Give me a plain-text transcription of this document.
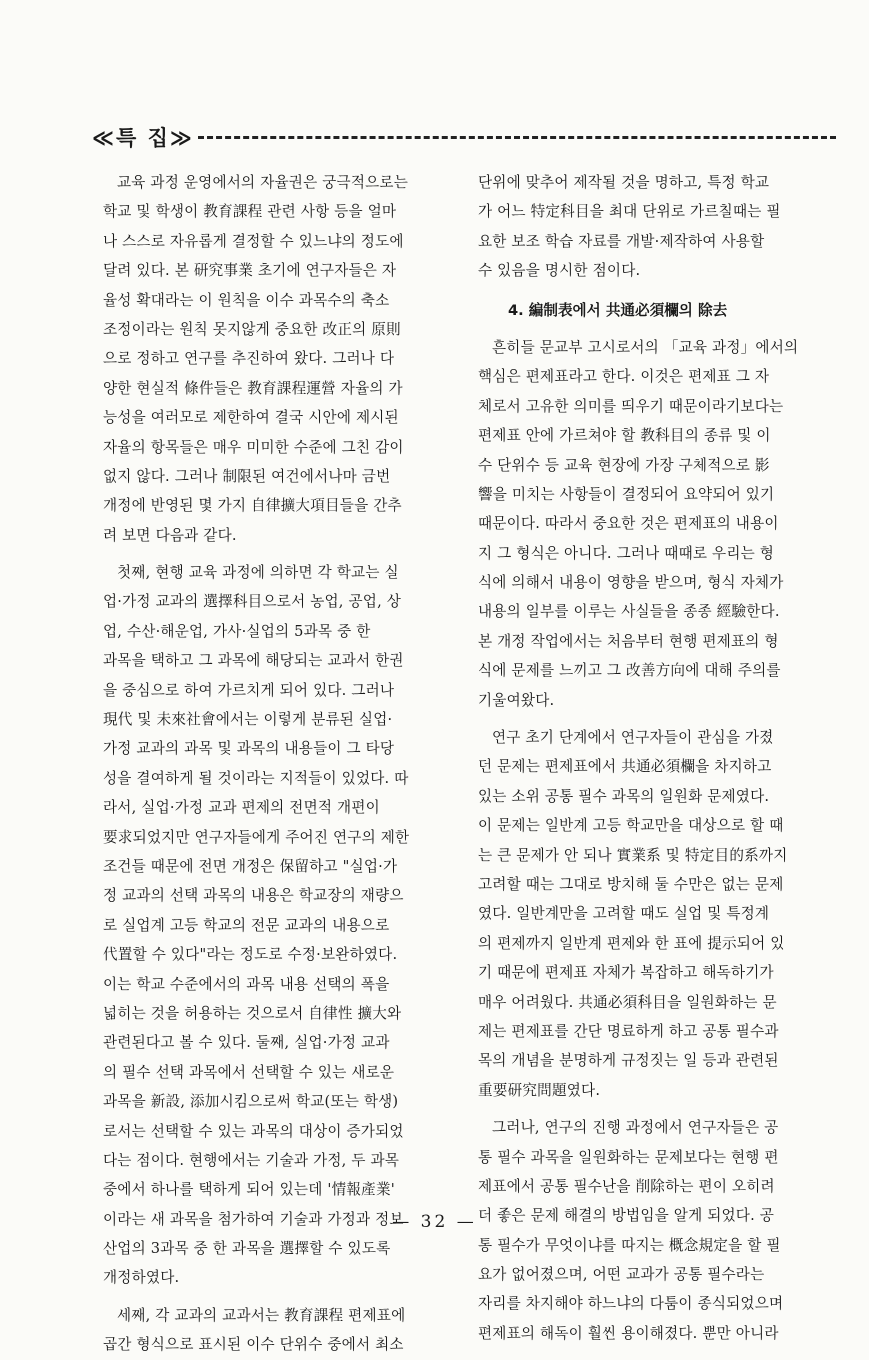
≪특 집≫
교육 과정 운영에서의 자율권은 궁극적으로는
학교 및 학생이 教育課程 관련 사항 등을 얼마
나 스스로 자유롭게 결정할 수 있느냐의 정도에
달려 있다. 본 研究事業 초기에 연구자들은 자
율성 확대라는 이 원칙을 이수 과목수의 축소
조정이라는 원칙 못지않게 중요한 改正의 原則
으로 정하고 연구를 추진하여 왔다. 그러나 다
양한 현실적 條件들은 教育課程運營 자율의 가
능성을 여러모로 제한하여 결국 시안에 제시된
자율의 항목들은 매우 미미한 수준에 그친 감이
없지 않다. 그러나 制限된 여건에서나마 금번
개정에 반영된 몇 가지 自律擴大項目들을 간추
려 보면 다음과 같다.
첫째, 현행 교육 과정에 의하면 각 학교는 실
업·가정 교과의 選擇科目으로서 농업, 공업, 상
업, 수산·해운업, 가사·실업의 5과목 중 한
과목을 택하고 그 과목에 해당되는 교과서 한권
을 중심으로 하여 가르치게 되어 있다. 그러나
現代 및 未來社會에서는 이렇게 분류된 실업·
가정 교과의 과목 및 과목의 내용들이 그 타당
성을 결여하게 될 것이라는 지적들이 있었다. 따
라서, 실업·가정 교과 편제의 전면적 개편이
要求되었지만 연구자들에게 주어진 연구의 제한
조건들 때문에 전면 개정은 保留하고 "실업·가
정 교과의 선택 과목의 내용은 학교장의 재량으
로 실업계 고등 학교의 전문 교과의 내용으로
代置할 수 있다"라는 정도로 수정·보완하였다.
이는 학교 수준에서의 과목 내용 선택의 폭을
넓히는 것을 허용하는 것으로서 自律性 擴大와
관련된다고 볼 수 있다. 둘째, 실업·가정 교과
의 필수 선택 과목에서 선택할 수 있는 새로운
과목을 新設, 添加시킴으로써 학교(또는 학생)
로서는 선택할 수 있는 과목의 대상이 증가되었
다는 점이다. 현행에서는 기술과 가정, 두 과목
중에서 하나를 택하게 되어 있는데 '情報產業'
이라는 새 과목을 첨가하여 기술과 가정과 정보
산업의 3과목 중 한 과목을 選擇할 수 있도록
개정하였다.
세째, 각 교과의 교과서는 教育課程 편제표에
곱간 형식으로 표시된 이수 단위수 중에서 최소
단위에 맞추어 제작될 것을 명하고, 특정 학교
가 어느 特定科目을 최대 단위로 가르칠때는 필
요한 보조 학습 자료를 개발·제작하여 사용할
수 있음을 명시한 점이다.
4. 編制表에서 共通必須欄의 除去
흔히들 문교부 고시로서의 「교육 과정」에서의
핵심은 편제표라고 한다. 이것은 편제표 그 자
체로서 고유한 의미를 띄우기 때문이라기보다는
편제표 안에 가르쳐야 할 教科目의 종류 및 이
수 단위수 등 교육 현장에 가장 구체적으로 影
響을 미치는 사항들이 결정되어 요약되어 있기
때문이다. 따라서 중요한 것은 편제표의 내용이
지 그 형식은 아니다. 그러나 때때로 우리는 형
식에 의해서 내용이 영향을 받으며, 형식 자체가
내용의 일부를 이루는 사실들을 종종 經驗한다.
본 개정 작업에서는 처음부터 현행 편제표의 형
식에 문제를 느끼고 그 改善方向에 대해 주의를
기울여왔다.
연구 초기 단계에서 연구자들이 관심을 가졌
던 문제는 편제표에서 共通必須欄을 차지하고
있는 소위 공통 필수 과목의 일원화 문제였다.
이 문제는 일반계 고등 학교만을 대상으로 할 때
는 큰 문제가 안 되나 實業系 및 特定目的系까지
고려할 때는 그대로 방치해 둘 수만은 없는 문제
였다. 일반계만을 고려할 때도 실업 및 특정계
의 편제까지 일반계 편제와 한 표에 提示되어 있
기 때문에 편제표 자체가 복잡하고 해독하기가
매우 어려웠다. 共通必須科目을 일원화하는 문
제는 편제표를 간단 명료하게 하고 공통 필수과
목의 개념을 분명하게 규정짓는 일 등과 관련된
重要研究問題였다.
그러나, 연구의 진행 과정에서 연구자들은 공
통 필수 과목을 일원화하는 문제보다는 현행 편
제표에서 공통 필수난을 削除하는 편이 오히려
더 좋은 문제 해결의 방법임을 알게 되었다. 공
통 필수가 무엇이냐를 따지는 概念規定을 할 필
요가 없어졌으며, 어떤 교과가 공통 필수라는
자리를 차지해야 하느냐의 다툼이 종식되었으며
편제표의 해독이 훨씬 용이해졌다. 뿐만 아니라
— 32 —
